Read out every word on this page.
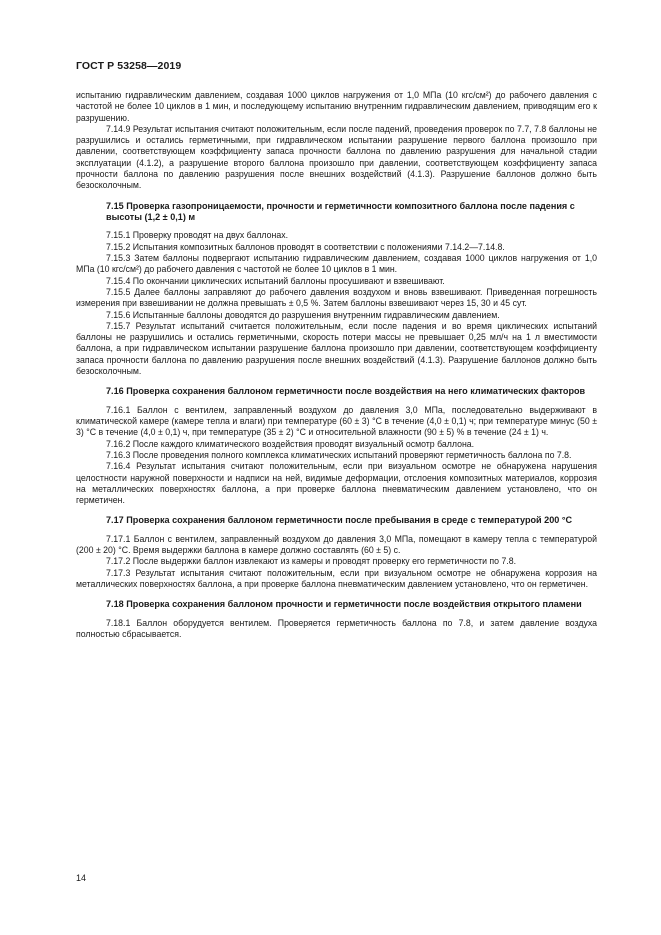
ГОСТ Р 53258—2019

испытанию гидравлическим давлением, создавая 1000 циклов нагружения от 1,0 МПа (10 кгс/см²) до рабочего давления с частотой не более 10 циклов в 1 мин, и последующему испытанию внутренним гидравлическим давлением, приводящим его к разрушению.

7.14.9 Результат испытания считают положительным, если после падений, проведения проверок по 7.7, 7.8 баллоны не разрушились и остались герметичными, при гидравлическом испытании разрушение первого баллона произошло при давлении, соответствующем коэффициенту запаса прочности баллона по давлению разрушения для начальной стадии эксплуатации (4.1.2), а разрушение второго баллона произошло при давлении, соответствующем коэффициенту запаса прочности баллона по давлению разрушения после внешних воздействий (4.1.3). Разрушение баллонов должно быть безосколочным.

7.15 Проверка газопроницаемости, прочности и герметичности композитного баллона после падения с высоты (1,2 ± 0,1) м

7.15.1 Проверку проводят на двух баллонах.

7.15.2 Испытания композитных баллонов проводят в соответствии с положениями 7.14.2—7.14.8.

7.15.3 Затем баллоны подвергают испытанию гидравлическим давлением, создавая 1000 циклов нагружения от 1,0 МПа (10 кгс/см²) до рабочего давления с частотой не более 10 циклов в 1 мин.

7.15.4 По окончании циклических испытаний баллоны просушивают и взвешивают.

7.15.5 Далее баллоны заправляют до рабочего давления воздухом и вновь взвешивают. Приведенная погрешность измерения при взвешивании не должна превышать ± 0,5 %. Затем баллоны взвешивают через 15, 30 и 45 сут.

7.15.6 Испытанные баллоны доводятся до разрушения внутренним гидравлическим давлением.

7.15.7 Результат испытаний считается положительным, если после падения и во время циклических испытаний баллоны не разрушились и остались герметичными, скорость потери массы не превышает 0,25 мл/ч на 1 л вместимости баллона, а при гидравлическом испытании разрушение баллона произошло при давлении, соответствующем коэффициенту запаса прочности баллона по давлению разрушения после внешних воздействий (4.1.3). Разрушение баллонов должно быть безосколочным.

7.16 Проверка сохранения баллоном герметичности после воздействия на него климатических факторов

7.16.1 Баллон с вентилем, заправленный воздухом до давления 3,0 МПа, последовательно выдерживают в климатической камере (камере тепла и влаги) при температуре (60 ± 3) °С в течение (4,0 ± 0,1) ч; при температуре минус (50 ± 3) °С в течение (4,0 ± 0,1) ч, при температуре (35 ± 2) °С и относительной влажности (90 ± 5) % в течение (24 ± 1) ч.

7.16.2 После каждого климатического воздействия проводят визуальный осмотр баллона.

7.16.3 После проведения полного комплекса климатических испытаний проверяют герметичность баллона по 7.8.

7.16.4 Результат испытания считают положительным, если при визуальном осмотре не обнаружена нарушения целостности наружной поверхности и надписи на ней, видимые деформации, отслоения композитных материалов, коррозия на металлических поверхностях баллона, а при проверке баллона пневматическим давлением установлено, что он герметичен.

7.17 Проверка сохранения баллоном герметичности после пребывания в среде с температурой 200 °С

7.17.1 Баллон с вентилем, заправленный воздухом до давления 3,0 МПа, помещают в камеру тепла с температурой (200 ± 20) °С. Время выдержки баллона в камере должно составлять (60 ± 5) с.

7.17.2 После выдержки баллон извлекают из камеры и проводят проверку его герметичности по 7.8.

7.17.3 Результат испытания считают положительным, если при визуальном осмотре не обнаружена коррозия на металлических поверхностях баллона, а при проверке баллона пневматическим давлением установлено, что он герметичен.

7.18 Проверка сохранения баллоном прочности и герметичности после воздействия открытого пламени

7.18.1 Баллон оборудуется вентилем. Проверяется герметичность баллона по 7.8, и затем давление воздуха полностью сбрасывается.

14
